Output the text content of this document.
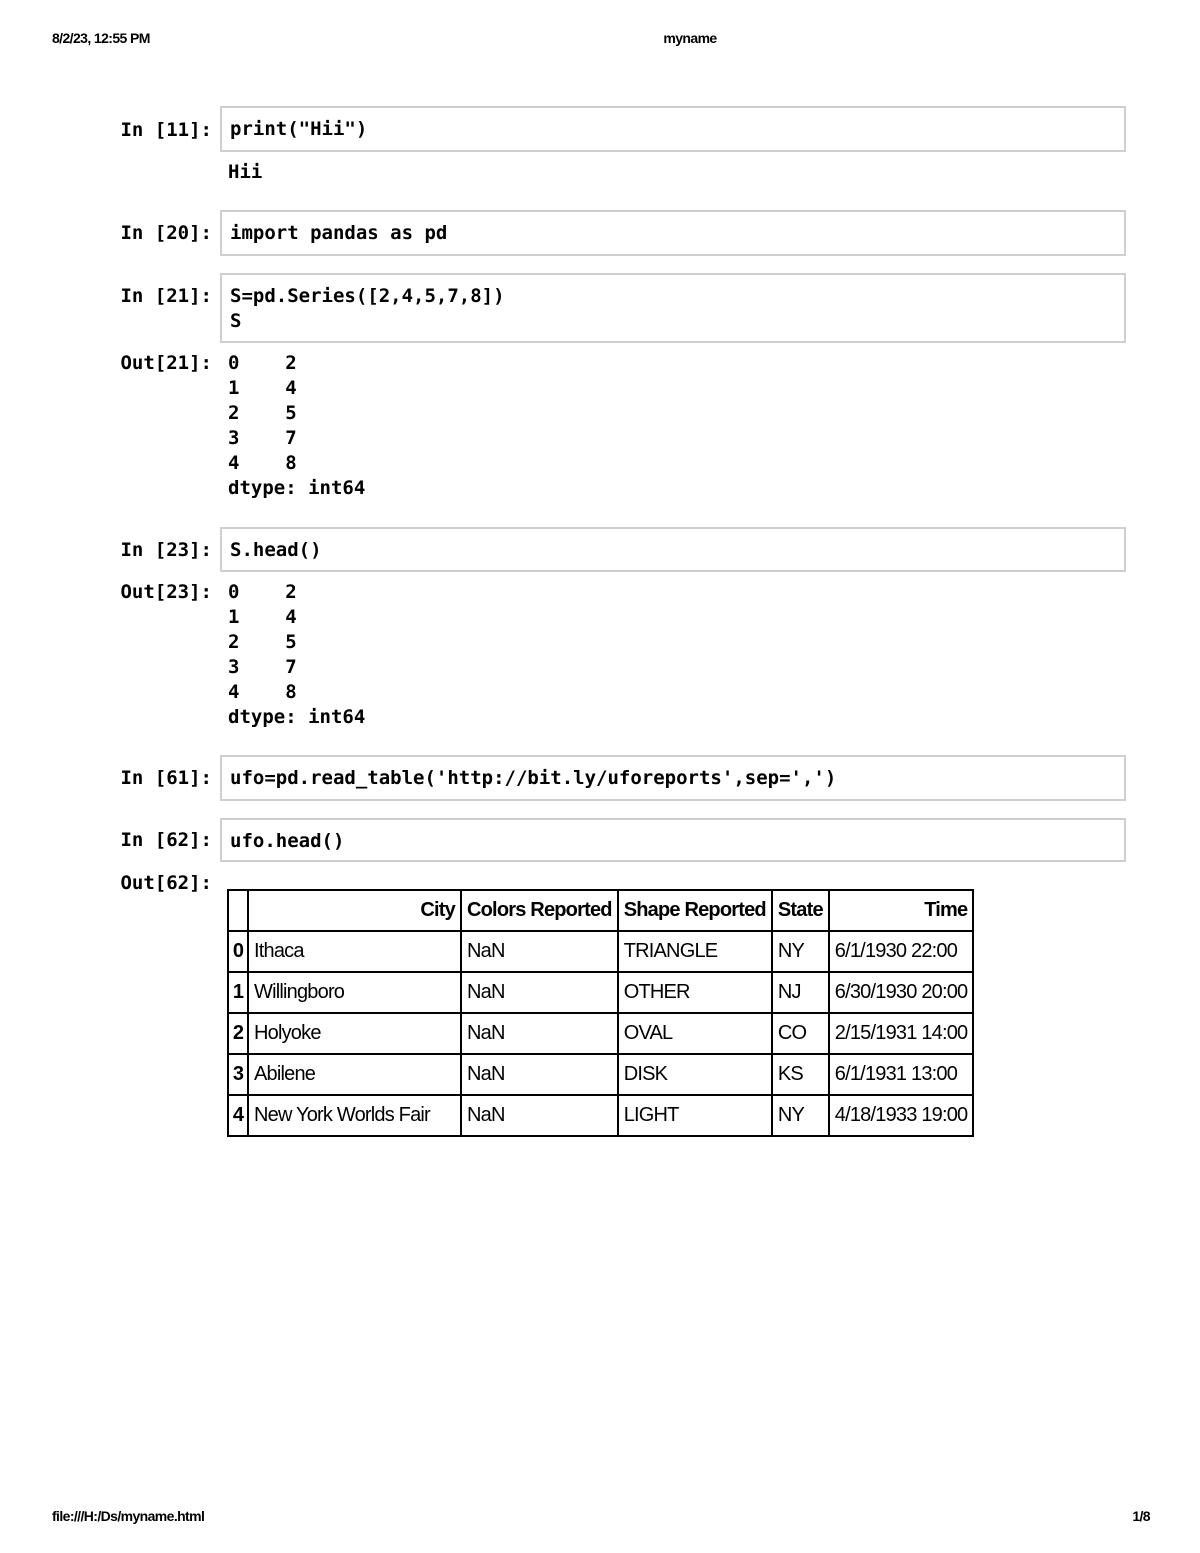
8/2/23, 12:55 PM	myname
file:///H:/Ds/myname.html	1/8
In [11]: print("Hii")
Hii
In [20]: import pandas as pd
In [21]: S=pd.Series([2,4,5,7,8])
S
Out[21]: 0    2
1    4
2    5
3    7
4    8
dtype: int64
In [23]: S.head()
Out[23]: 0    2
1    4
2    5
3    7
4    8
dtype: int64
In [61]: ufo=pd.read_table('http://bit.ly/uforeports',sep=',')
In [62]: ufo.head()
Out[62]:
	City	Colors Reported	Shape Reported	State	Time
0	Ithaca	NaN	TRIANGLE	NY	6/1/1930 22:00
1	Willingboro	NaN	OTHER	NJ	6/30/1930 20:00
2	Holyoke	NaN	OVAL	CO	2/15/1931 14:00
3	Abilene	NaN	DISK	KS	6/1/1931 13:00
4	New York Worlds Fair	NaN	LIGHT	NY	4/18/1933 19:00
